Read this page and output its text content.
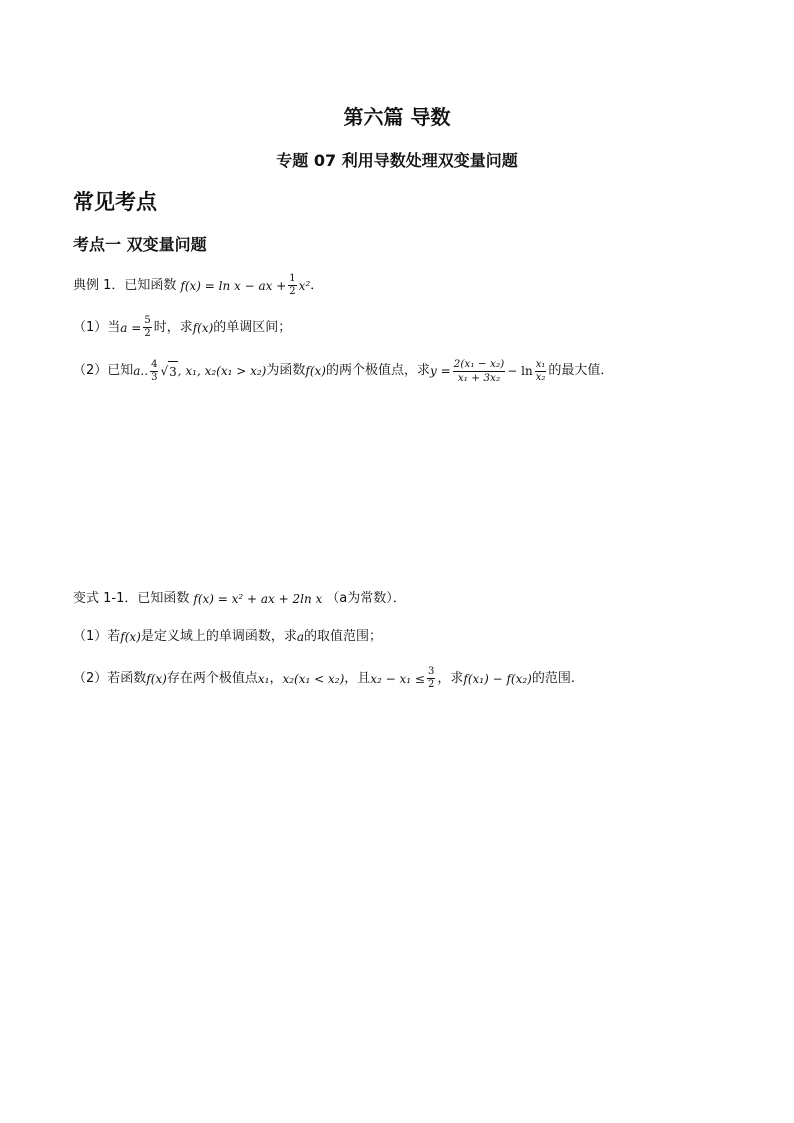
第六篇 导数
专题 07 利用导数处理双变量问题
常见考点
考点一 双变量问题
典例 1．已知函数 f(x) = ln x − ax + $\frac{1}{2} x^2$ ．
（1）当 $a = \frac{5}{2}$ 时，求 f(x) 的单调区间；
（2）已知 a.. $\frac{4}{3}$ √ 3 , x₁, x₂(x₁ > x₂) 为函数 f(x) 的两个极值点，求 $y = \frac{\text{2(x₁ − x₂)}}{\text{x₁ + 3x₂}} - \ln \frac{\text{x₁}}{\text{x₂}}$ 的最大值．
变式 1-1．已知函数 f(x) = x² + ax + 2ln x （a为常数）．
（1）若 f(x) 是定义域上的单调函数，求 a 的取值范围；
（2）若函数 f(x) 存在两个极值点 x₁ ， x₂(x₁ < x₂) ，且 $x_2 - x_1 \le \frac{3}{2}$ ，求 f(x₁) − f(x₂) 的范围.
